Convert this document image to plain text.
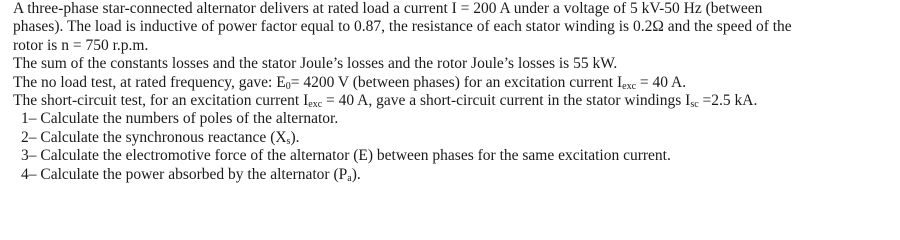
A three-phase star-connected alternator delivers at rated load a current I = 200 A under a voltage of 5 kV-50 Hz (between
phases). The load is inductive of power factor equal to 0.87, the resistance of each stator winding is 0.2Ω and the speed of the
rotor is n = 750 r.p.m.
The sum of the constants losses and the stator Joule’s losses and the rotor Joule’s losses is 55 kW.
The no load test, at rated frequency, gave: $E_0= 4200$ V (between phases) for an excitation current $I_{exc} = 40$ A.
The short-circuit test, for an excitation current $I_{exc} = 40$ A, gave a short-circuit current in the stator windings $I_{sc} =2.5$ kA.
1– Calculate the numbers of poles of the alternator.
2– Calculate the synchronous reactance $(X_s)$.
3– Calculate the electromotive force of the alternator (E) between phases for the same excitation current.
4– Calculate the power absorbed by the alternator $(P_a)$.
